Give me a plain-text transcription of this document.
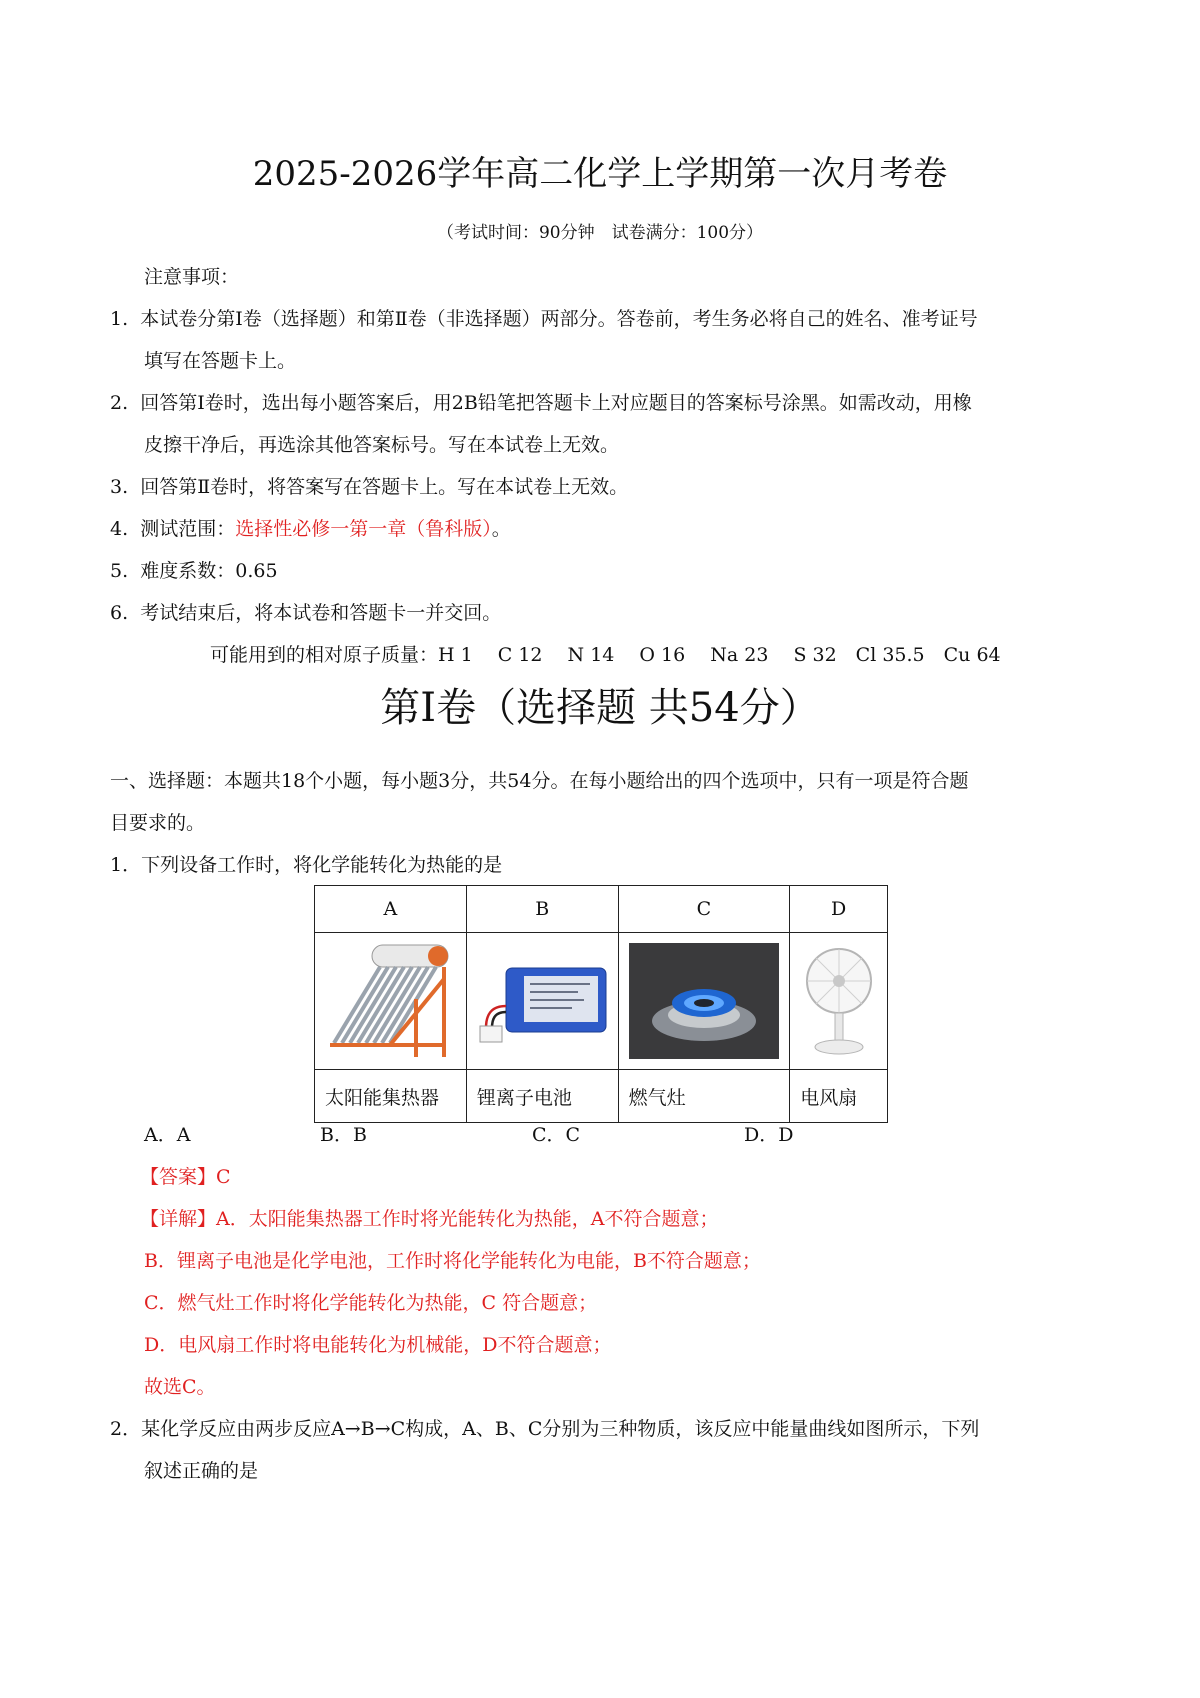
2025-2026学年高二化学上学期第一次月考卷
（考试时间：90分钟　试卷满分：100分）
注意事项：
1. 本试卷分第Ⅰ卷（选择题）和第Ⅱ卷（非选择题）两部分。答卷前，考生务必将自己的姓名、准考证号
填写在答题卡上。
2. 回答第Ⅰ卷时，选出每小题答案后，用2B铅笔把答题卡上对应题目的答案标号涂黑。如需改动，用橡
皮擦干净后，再选涂其他答案标号。写在本试卷上无效。
3. 回答第Ⅱ卷时，将答案写在答题卡上。写在本试卷上无效。
4. 测试范围：选择性必修一第一章（鲁科版）。
5. 难度系数：0.65
6. 考试结束后，将本试卷和答题卡一并交回。
可能用到的相对原子质量：H 1　 C 12　 N 14　 O 16　 Na 23　 S 32　Cl 35.5　Cu 64
第Ⅰ卷（选择题 共54分）
一、选择题：本题共18个小题，每小题3分，共54分。在每小题给出的四个选项中，只有一项是符合题
目要求的。
1．下列设备工作时，将化学能转化为热能的是
A	B	C	D

太阳能集热器	锂离子电池	燃气灶	电风扇
A．A	B．B	C．C	D．D
【答案】C
【详解】A．太阳能集热器工作时将光能转化为热能，A不符合题意；
B．锂离子电池是化学电池，工作时将化学能转化为电能，B不符合题意；
C．燃气灶工作时将化学能转化为热能，C 符合题意；
D．电风扇工作时将电能转化为机械能，D不符合题意；
故选C。
2．某化学反应由两步反应A→B→C构成，A、B、C分别为三种物质，该反应中能量曲线如图所示，下列
叙述正确的是
